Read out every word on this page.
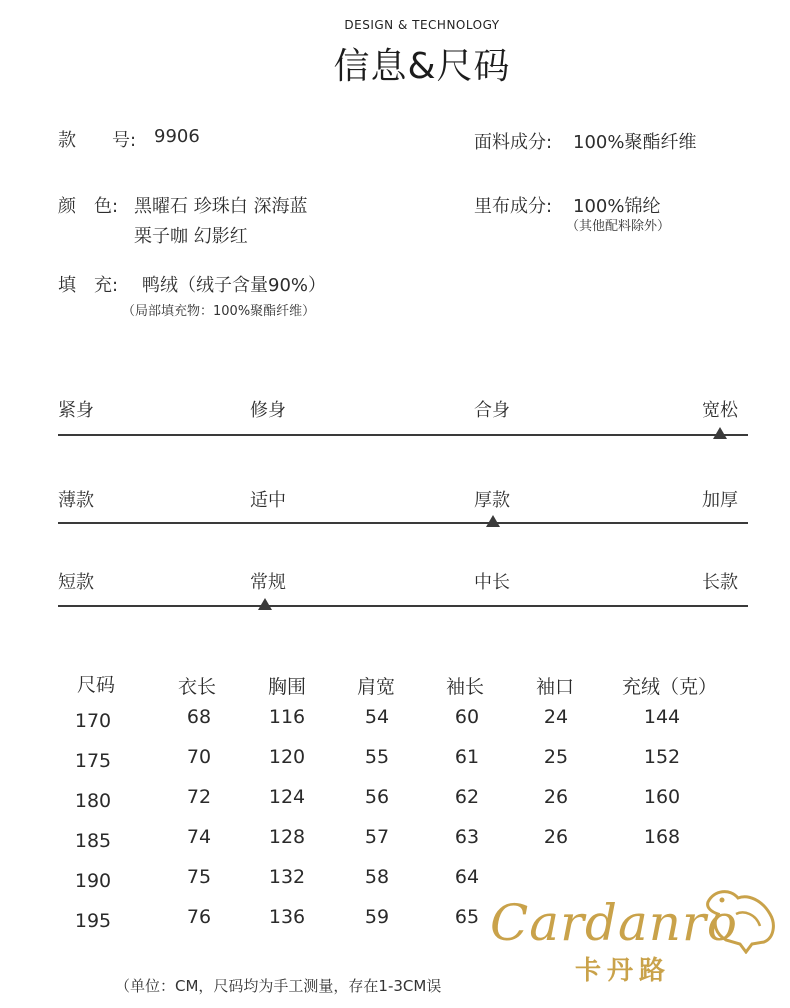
DESIGN & TECHNOLOGY
信息&尺码
款　　号: 9906
颜　色: 黑曜石 珍珠白 深海蓝
栗子咖 幻影红
填　充: 鸭绒（绒子含量90%）
（局部填充物：100%聚酯纤维）
面料成分: 100%聚酯纤维
里布成分: 100%锦纶
（其他配料除外）
紧身	修身	合身	宽松
薄款	适中	厚款	加厚
短款	常规	中长	长款
尺码	衣长	胸围	肩宽	袖长	袖口	充绒（克）
170	68	116	54	60	24	144
175	70	120	55	61	25	152
180	72	124	56	62	26	160
185	74	128	57	63	26	168
190	75	132	58	64
195	76	136	59	65
（单位：CM，尺码均为手工测量，存在1-3CM误
Cardanro
卡丹路
